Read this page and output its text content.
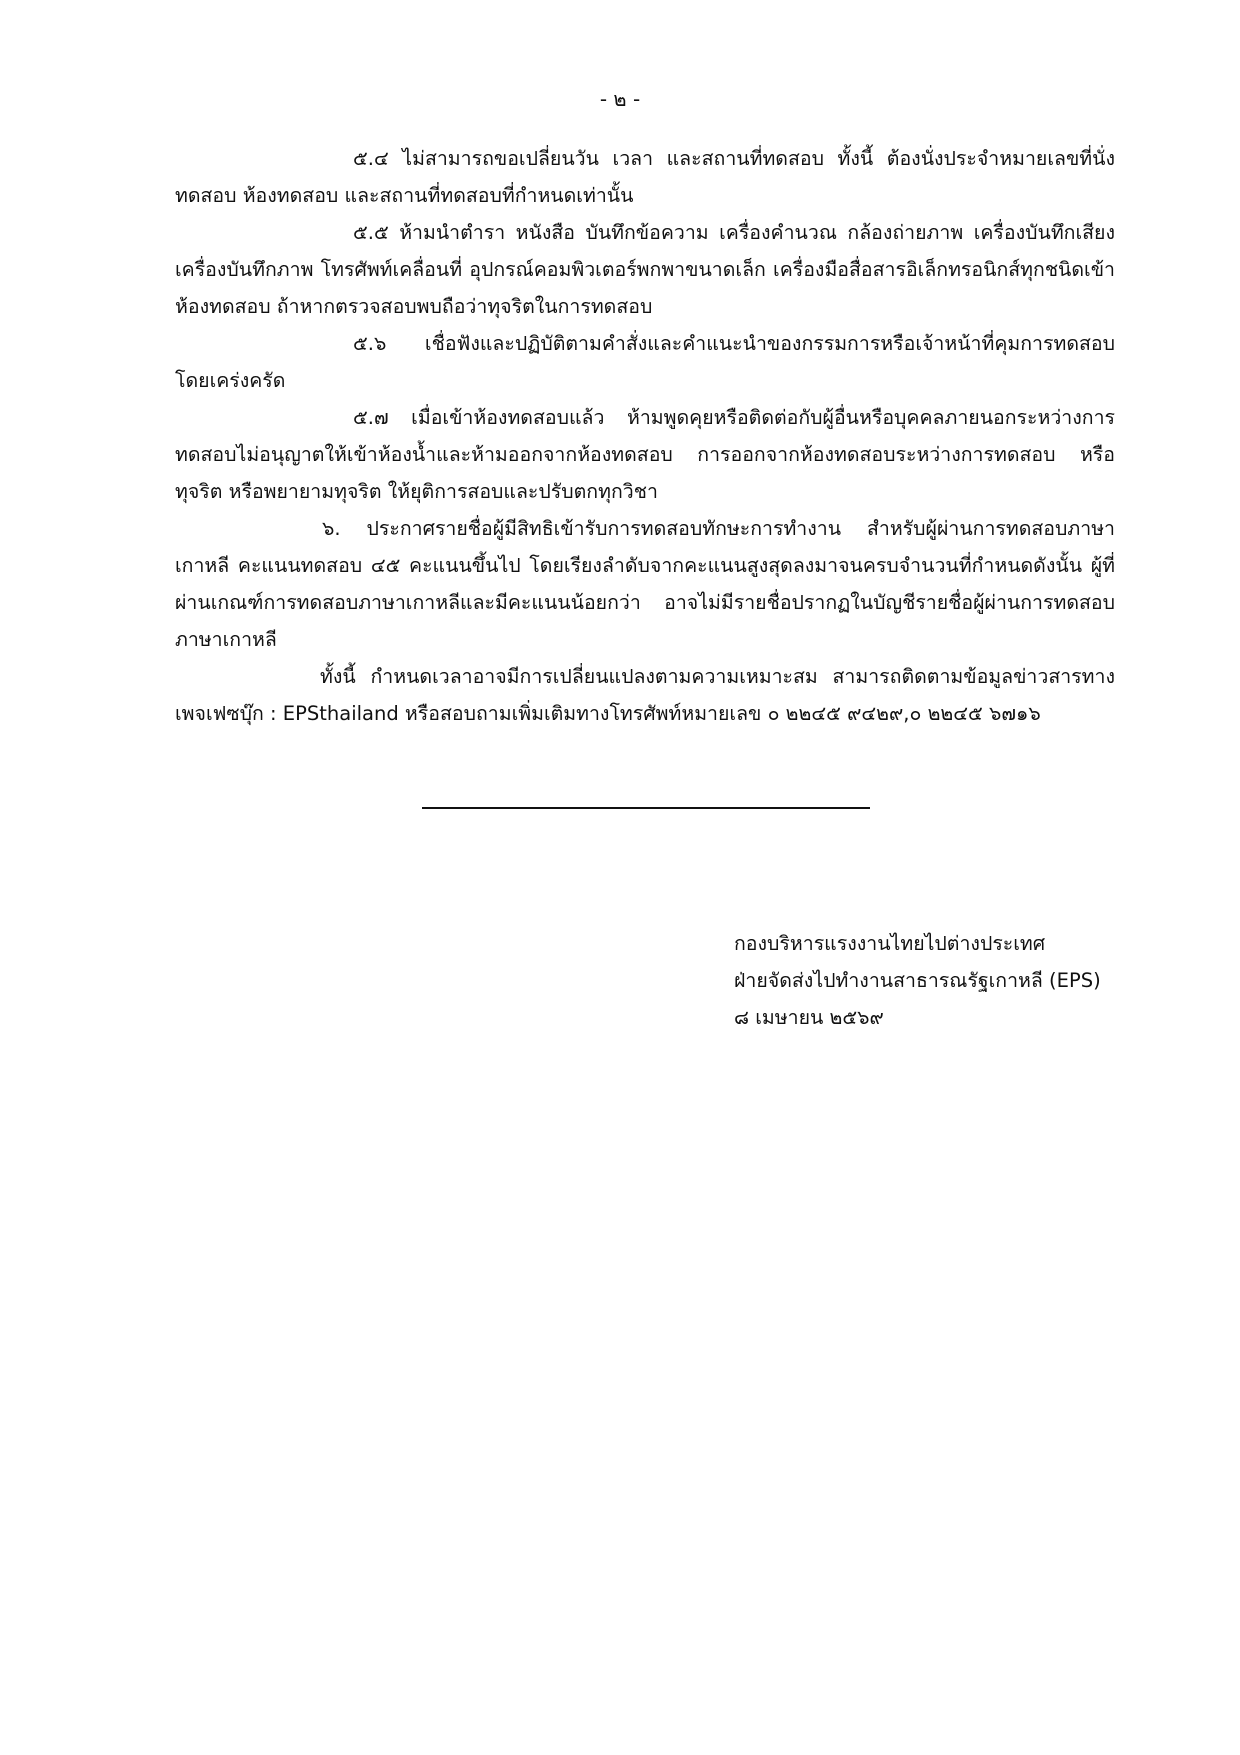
- ๒ -

๕.๔ ไม่สามารถขอเปลี่ยนวัน เวลา และสถานที่ทดสอบ ทั้งนี้ ต้องนั่งประจำหมายเลขที่นั่งทดสอบ ห้องทดสอบ และสถานที่ทดสอบที่กำหนดเท่านั้น

๕.๕ ห้ามนำตำรา หนังสือ บันทึกข้อความ เครื่องคำนวณ กล้องถ่ายภาพ เครื่องบันทึกเสียง เครื่องบันทึกภาพ โทรศัพท์เคลื่อนที่ อุปกรณ์คอมพิวเตอร์พกพาขนาดเล็ก เครื่องมือสื่อสารอิเล็กทรอนิกส์ทุกชนิดเข้าห้องทดสอบ ถ้าหากตรวจสอบพบถือว่าทุจริตในการทดสอบ

๕.๖ เชื่อฟังและปฏิบัติตามคำสั่งและคำแนะนำของกรรมการหรือเจ้าหน้าที่คุมการทดสอบโดยเคร่งครัด

๕.๗ เมื่อเข้าห้องทดสอบแล้ว ห้ามพูดคุยหรือติดต่อกับผู้อื่นหรือบุคคลภายนอกระหว่างการทดสอบไม่อนุญาตให้เข้าห้องน้ำและห้ามออกจากห้องทดสอบ การออกจากห้องทดสอบระหว่างการทดสอบ หรือทุจริต หรือพยายามทุจริต ให้ยุติการสอบและปรับตกทุกวิชา

๖. ประกาศรายชื่อผู้มีสิทธิเข้ารับการทดสอบทักษะการทำงาน สำหรับผู้ผ่านการทดสอบภาษาเกาหลี คะแนนทดสอบ ๔๕ คะแนนขึ้นไป โดยเรียงลำดับจากคะแนนสูงสุดลงมาจนครบจำนวนที่กำหนดดังนั้น ผู้ที่ผ่านเกณฑ์การทดสอบภาษาเกาหลีและมีคะแนนน้อยกว่า อาจไม่มีรายชื่อปรากฏในบัญชีรายชื่อผู้ผ่านการทดสอบภาษาเกาหลี

ทั้งนี้ กำหนดเวลาอาจมีการเปลี่ยนแปลงตามความเหมาะสม สามารถติดตามข้อมูลข่าวสารทางเพจเฟซบุ๊ก : EPSthailand หรือสอบถามเพิ่มเติมทางโทรศัพท์หมายเลข ๐ ๒๒๔๕ ๙๔๒๙,๐ ๒๒๔๕ ๖๗๑๖

กองบริหารแรงงานไทยไปต่างประเทศ
ฝ่ายจัดส่งไปทำงานสาธารณรัฐเกาหลี (EPS)
๘ เมษายน ๒๕๖๙
